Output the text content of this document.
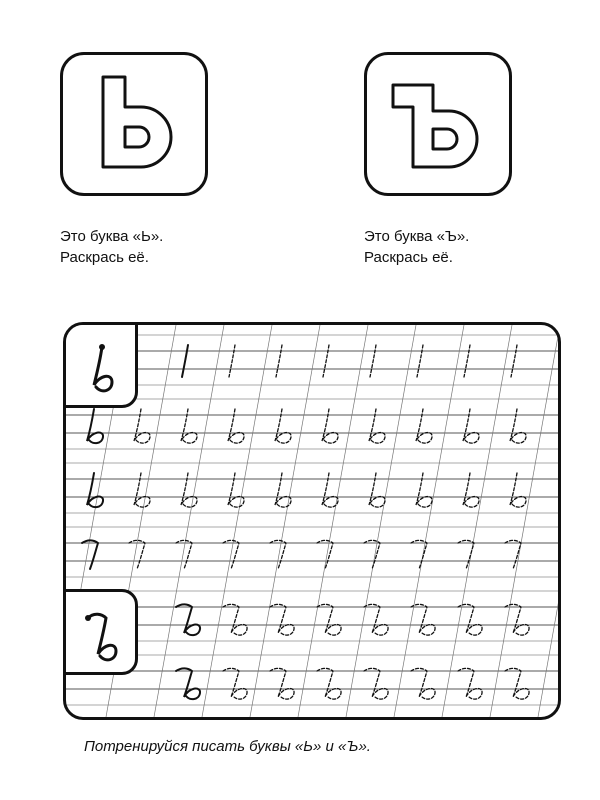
Это буква «Ь».
Раскрась её.
Это буква «Ъ».
Раскрась её.
Потренируйся писать буквы «Ь» и «Ъ».
